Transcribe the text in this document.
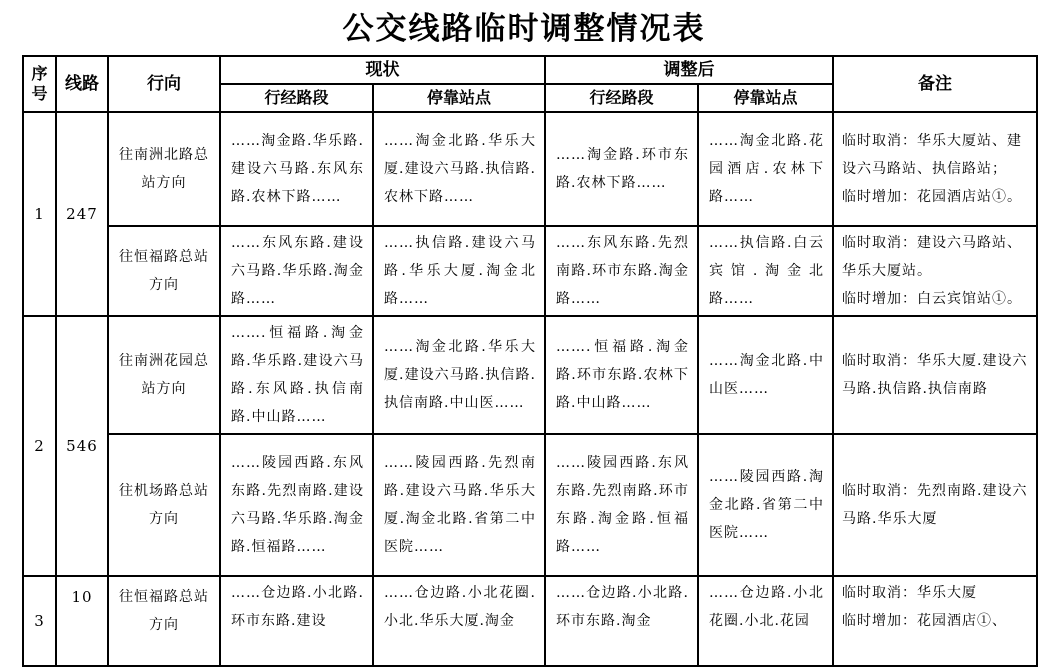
公交线路临时调整情况表
序号	线路	行向	现状		调整后		备注
			行经路段	停靠站点	行经路段	停靠站点	
1	247	往南洲北路总站方向	……淘金路.华乐路.建设六马路.东风东路.农林下路……	……淘金北路.华乐大厦.建设六马路.执信路.农林下路……	……淘金路.环市东路.农林下路……	……淘金北路.花园酒店.农林下路……	临时取消：华乐大厦站、建设六马路站、执信路站；
临时增加：花园酒店站①。

		往恒福路总站方向	……东风东路.建设六马路.华乐路.淘金路……	……执信路.建设六马路.华乐大厦.淘金北路……	……东风东路.先烈南路.环市东路.淘金路……	……执信路.白云宾馆.淘金北路……	临时取消：建设六马路站、华乐大厦站。
临时增加：白云宾馆站①。

2	546	往南洲花园总站方向	…….恒福路.淘金路.华乐路.建设六马路.东风路.执信南路.中山路……	……淘金北路.华乐大厦.建设六马路.执信路.执信南路.中山医……	…….恒福路.淘金路.环市东路.农林下路.中山路……	……淘金北路.中山医……	临时取消：华乐大厦.建设六马路.执信路.执信南路

		往机场路总站方向	……陵园西路.东风东路.先烈南路.建设六马路.华乐路.淘金路.恒福路……	……陵园西路.先烈南路.建设六马路.华乐大厦.淘金北路.省第二中医院……	……陵园西路.东风东路.先烈南路.环市东路.淘金路.恒福路……	……陵园西路.淘金北路.省第二中医院……	临时取消：先烈南路.建设六马路.华乐大厦

3	10	往恒福路总站方向	……仓边路.小北路.环市东路.建设	……仓边路.小北花圈.小北.华乐大厦.淘金	……仓边路.小北路.环市东路.淘金	……仓边路.小北花圈.小北.花园	临时取消：华乐大厦
临时增加：花园酒店①、
